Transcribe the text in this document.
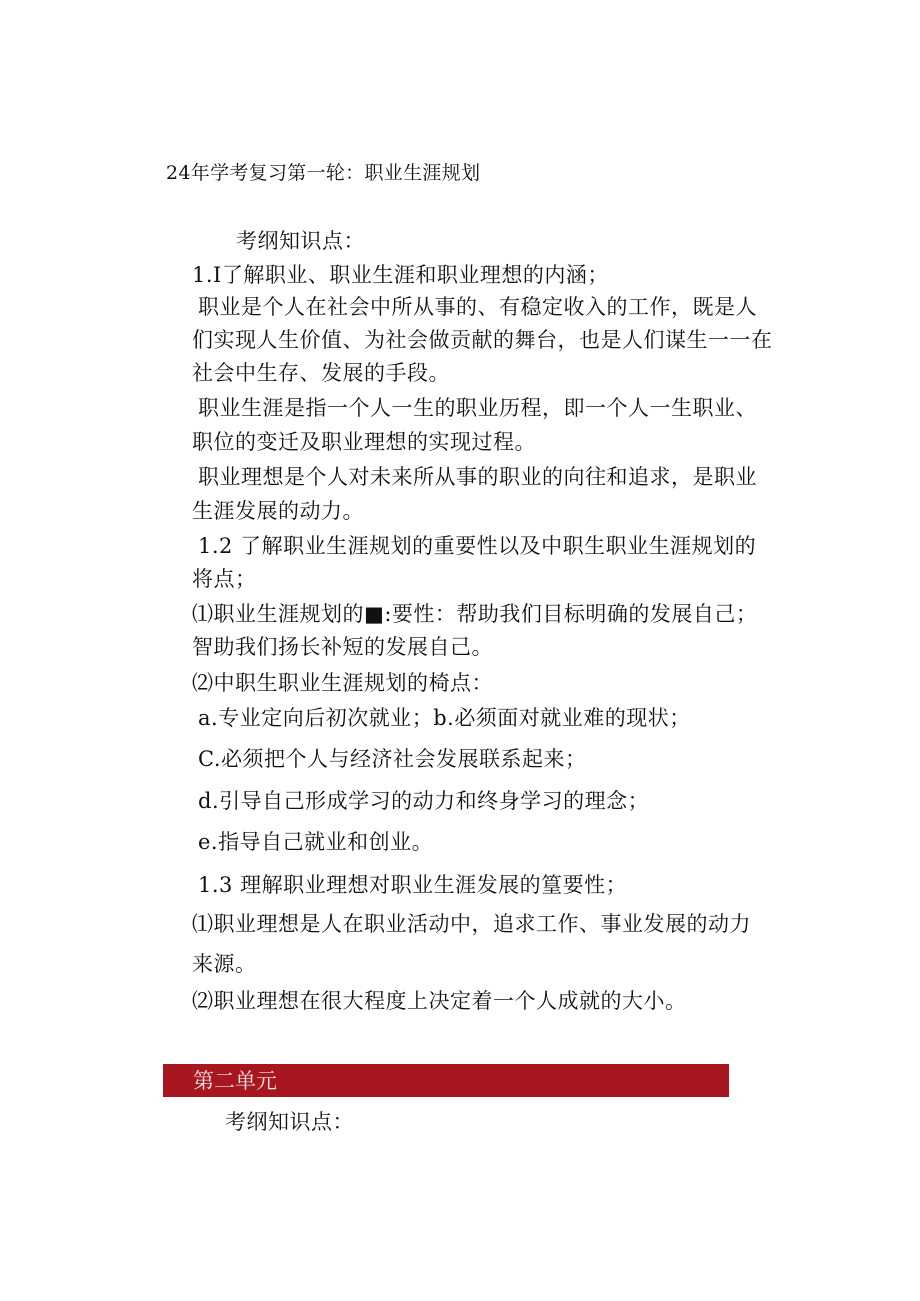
24年学考复习第一轮：职业生涯规划
考纲知识点：
1.I了解职业、职业生涯和职业理想的内涵；
职业是个人在社会中所从事的、有稳定收入的工作，既是人
们实现人生价值、为社会做贡献的舞台，也是人们谋生一一在
社会中生存、发展的手段。
职业生涯是指一个人一生的职业历程，即一个人一生职业、
职位的变迁及职业理想的实现过程。
职业理想是个人对未来所从事的职业的向往和追求，是职业
生涯发展的动力。
1.2 了解职业生涯规划的重要性以及中职生职业生涯规划的
将点；
⑴职业生涯规划的■:要性：帮助我们目标明确的发展自己；
智助我们扬长补短的发展自己。
⑵中职生职业生涯规划的椅点：
a.专业定向后初次就业；b.必须面对就业难的现状；
C.必须把个人与经济社会发展联系起来；
d.引导自己形成学习的动力和终身学习的理念；
e.指导自己就业和创业。
1.3 理解职业理想对职业生涯发展的篁要性；
⑴职业理想是人在职业活动中，追求工作、事业发展的动力
来源。
⑵职业理想在很大程度上决定着一个人成就的大小。
第二单元
考纲知识点：
